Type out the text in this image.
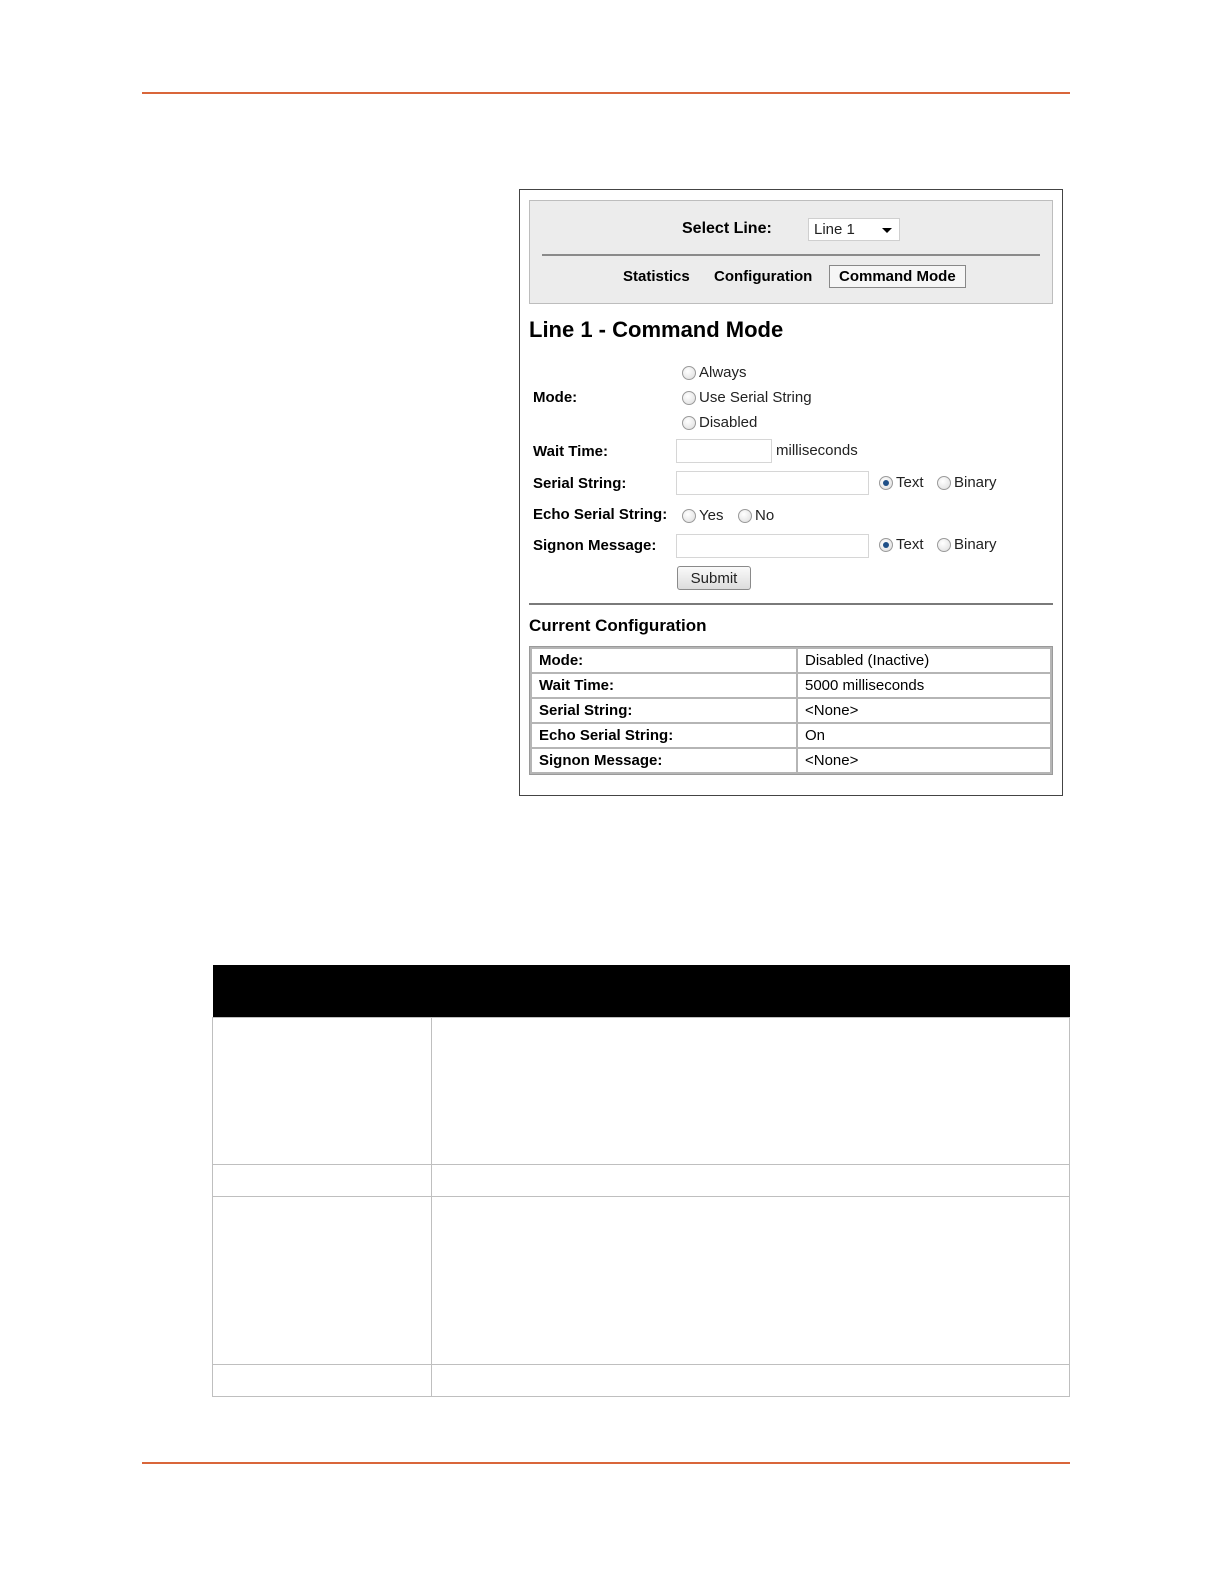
Select Line:	Line 1
Statistics Configuration	Command Mode
Line 1 - Command Mode
Mode:
Always
Use Serial String
Disabled
Wait Time:	milliseconds
Serial String:	Text Binary
Echo Serial String: Yes No
Signon Message:	Text Binary
Submit
Current Configuration
Mode:	Disabled (Inactive)
Wait Time:	5000 milliseconds
Serial String:	<None>
Echo Serial String:	On
Signon Message:	<None>
